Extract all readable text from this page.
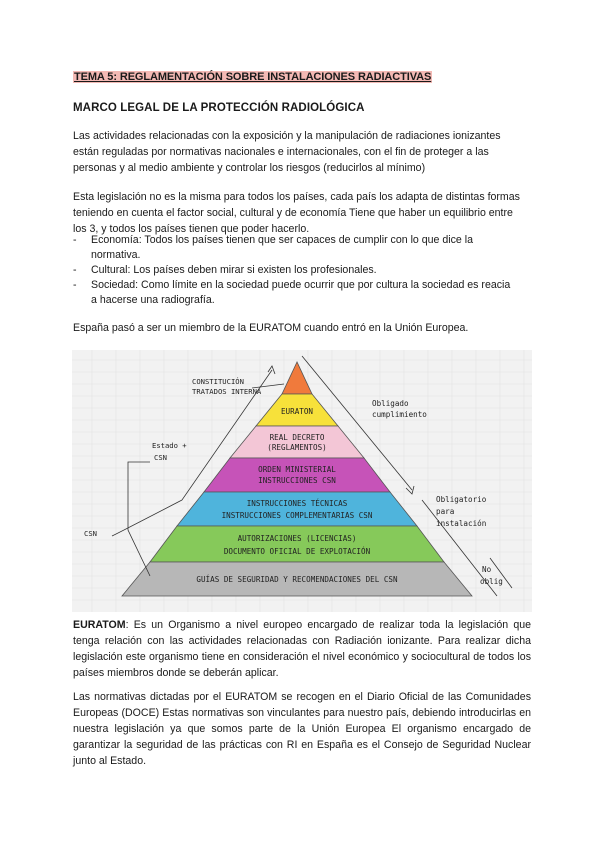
TEMA 5: REGLAMENTACIÓN SOBRE INSTALACIONES RADIACTIVAS
MARCO LEGAL DE LA PROTECCIÓN RADIOLÓGICA

Las actividades relacionadas con la exposición y la manipulación de radiaciones ionizantes están reguladas por normativas nacionales e internacionales, con el fin de proteger a las personas y al medio ambiente y controlar los riesgos (reducirlos al mínimo)

Esta legislación no es la misma para todos los países, cada país los adapta de distintas formas teniendo en cuenta el factor social, cultural y de economía Tiene que haber un equilibrio entre los 3, y todos los países tienen que poder hacerlo.

- Economía: Todos los países tienen que ser capaces de cumplir con lo que dice la normativa.
- Cultural: Los países deben mirar si existen los profesionales.
- Sociedad: Como límite en la sociedad puede ocurrir que por cultura la sociedad es reacia a hacerse una radiografía.

España pasó a ser un miembro de la EURATOM cuando entró en la Unión Europea.

EURATON
REAL DECRETO
(REGLAMENTOS)
ORDEN MINISTERIAL
INSTRUCCIONES CSN
INSTRUCCIONES TÉCNICAS
INSTRUCCIONES COMPLEMENTARIAS CSN
AUTORIZACIONES (LICENCIAS)
DOCUMENTO OFICIAL DE EXPLOTACIÓN
GUÍAS DE SEGURIDAD Y RECOMENDACIONES DEL CSN
CONSTITUCIÓN
TRATADOS INTERNA
Estado +
CSN
CSN
Obligado
cumplimiento
Obligatorio
para
instalación
No
oblig

EURATOM: Es un Organismo a nivel europeo encargado de realizar toda la legislación que tenga relación con las actividades relacionadas con Radiación ionizante. Para realizar dicha legislación este organismo tiene en consideración el nivel económico y sociocultural de todos los países miembros donde se deberán aplicar.

Las normativas dictadas por el EURATOM se recogen en el Diario Oficial de las Comunidades Europeas (DOCE) Estas normativas son vinculantes para nuestro país, debiendo introducirlas en nuestra legislación ya que somos parte de la Unión Europea El organismo encargado de garantizar la seguridad de las prácticas con RI en España es el Consejo de Seguridad Nuclear junto al Estado.
